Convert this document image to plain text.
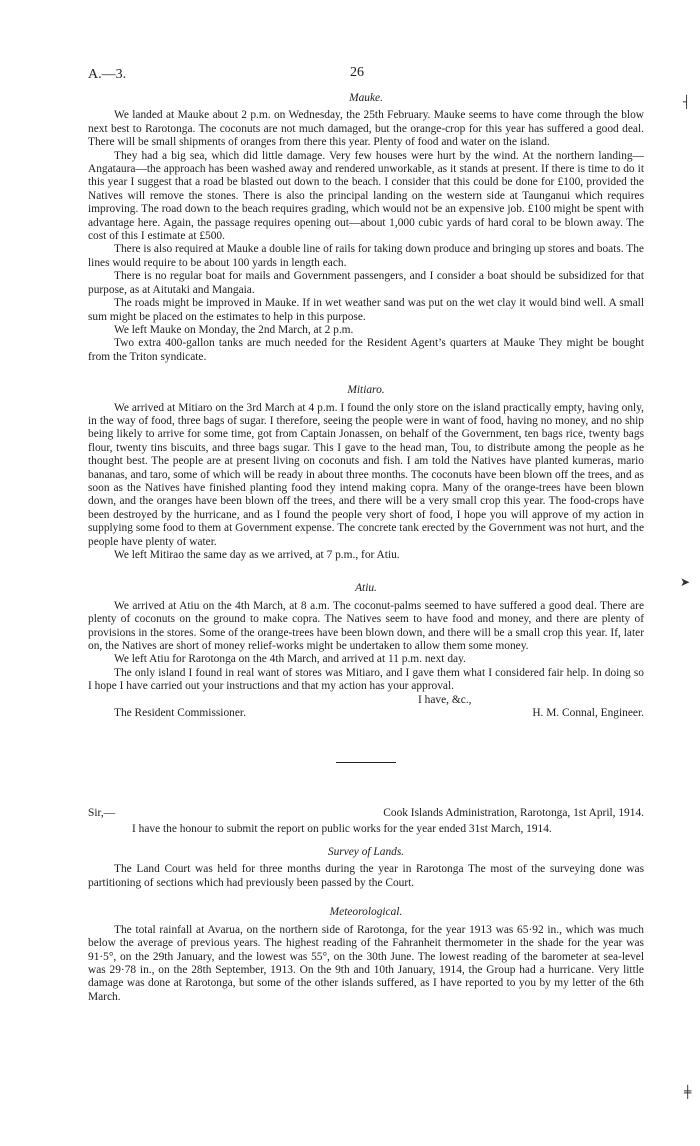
┤
➤
╪
A.—3.	26
Mauke.

We landed at Mauke about 2 p.m. on Wednesday, the 25th February. Mauke seems to have come through the blow next best to Rarotonga. The coconuts are not much damaged, but the orange-crop for this year has suffered a good deal. There will be small shipments of oranges from there this year. Plenty of food and water on the island.

They had a big sea, which did little damage. Very few houses were hurt by the wind. At the northern landing—Angataura—the approach has been washed away and rendered unworkable, as it stands at present. If there is time to do it this year I suggest that a road be blasted out down to the beach. I consider that this could be done for £100, provided the Natives will remove the stones. There is also the principal landing on the western side at Taunganui which requires improving. The road down to the beach requires grading, which would not be an expensive job. £100 might be spent with advantage here. Again, the passage requires opening out—about 1,000 cubic yards of hard coral to be blown away. The cost of this I estimate at £500.

There is also required at Mauke a double line of rails for taking down produce and bringing up stores and boats. The lines would require to be about 100 yards in length each.

There is no regular boat for mails and Government passengers, and I consider a boat should be subsidized for that purpose, as at Aitutaki and Mangaia.

The roads might be improved in Mauke. If in wet weather sand was put on the wet clay it would bind well. A small sum might be placed on the estimates to help in this purpose.

We left Mauke on Monday, the 2nd March, at 2 p.m.

Two extra 400-gallon tanks are much needed for the Resident Agent’s quarters at Mauke They might be bought from the Triton syndicate.

Mitiaro.

We arrived at Mitiaro on the 3rd March at 4 p.m. I found the only store on the island practically empty, having only, in the way of food, three bags of sugar. I therefore, seeing the people were in want of food, having no money, and no ship being likely to arrive for some time, got from Captain Jonassen, on behalf of the Government, ten bags rice, twenty bags flour, twenty tins biscuits, and three bags sugar. This I gave to the head man, Tou, to distribute among the people as he thought best. The people are at present living on coconuts and fish. I am told the Natives have planted kumeras, mario bananas, and taro, some of which will be ready in about three months. The coconuts have been blown off the trees, and as soon as the Natives have finished planting food they intend making copra. Many of the orange-trees have been blown down, and the oranges have been blown off the trees, and there will be a very small crop this year. The food-crops have been destroyed by the hurricane, and as I found the people very short of food, I hope you will approve of my action in supplying some food to them at Government expense. The concrete tank erected by the Government was not hurt, and the people have plenty of water.

We left Mitirao the same day as we arrived, at 7 p.m., for Atiu.

Atiu.

We arrived at Atiu on the 4th March, at 8 a.m. The coconut-palms seemed to have suffered a good deal. There are plenty of coconuts on the ground to make copra. The Natives seem to have food and money, and there are plenty of provisions in the stores. Some of the orange-trees have been blown down, and there will be a small crop this year. If, later on, the Natives are short of money relief-works might be undertaken to allow them some money.

We left Atiu for Rarotonga on the 4th March, and arrived at 11 p.m. next day.

The only island I found in real want of stores was Mitiaro, and I gave them what I considered fair help. In doing so I hope I have carried out your instructions and that my action has your approval.

I have, &c.,
The Resident Commissioner.	H. M. Connal, Engineer.
Sir,—	Cook Islands Administration, Rarotonga, 1st April, 1914.

I have the honour to submit the report on public works for the year ended 31st March, 1914.

Survey of Lands.

The Land Court was held for three months during the year in Rarotonga The most of the surveying done was partitioning of sections which had previously been passed by the Court.

Meteorological.

The total rainfall at Avarua, on the northern side of Rarotonga, for the year 1913 was 65·92 in., which was much below the average of previous years. The highest reading of the Fahranheit thermometer in the shade for the year was 91·5°, on the 29th January, and the lowest was 55°, on the 30th June. The lowest reading of the barometer at sea-level was 29·78 in., on the 28th September, 1913. On the 9th and 10th January, 1914, the Group had a hurricane. Very little damage was done at Rarotonga, but some of the other islands suffered, as I have reported to you by my letter of the 6th March.
